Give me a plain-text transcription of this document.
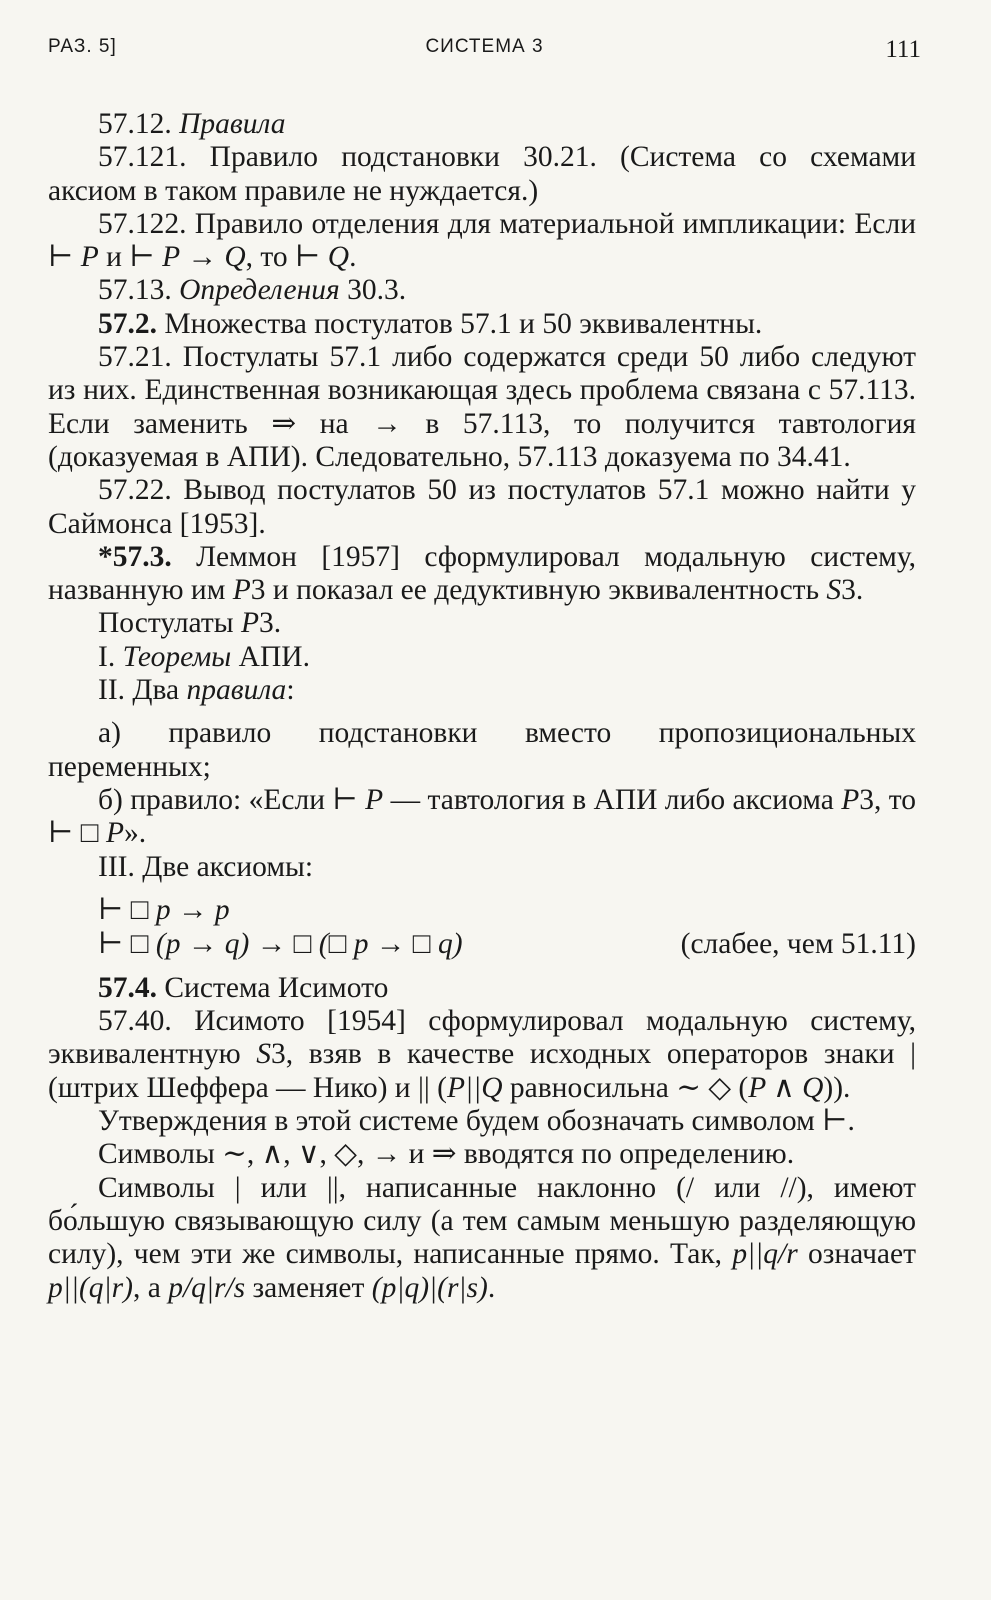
РАЗ. 5]	СИСТЕМА 3	111

57.12. Правила

57.121. Правило подстановки 30.21. (Система со схемами аксиом в таком правиле не нуждается.)

57.122. Правило отделения для материальной импликации: Если ⊢ P и ⊢ P → Q, то ⊢ Q.

57.13. Определения 30.3.

57.2. Множества постулатов 57.1 и 50 эквивалентны.

57.21. Постулаты 57.1 либо содержатся среди 50 либо следуют из них. Единственная возникающая здесь проблема связана с 57.113. Если заменить ⇒ на → в 57.113, то получится тавтология (доказуемая в АПИ). Следовательно, 57.113 доказуема по 34.41.

57.22. Вывод постулатов 50 из постулатов 57.1 можно найти у Саймонса [1953].

*57.3. Леммон [1957] сформулировал модальную систему, названную им P3 и показал ее дедуктивную эквивалентность S3.

Постулаты P3.

I. Теоремы АПИ.

II. Два правила:

а) правило подстановки вместо пропозициональных переменных;

б) правило: «Если ⊢ P — тавтология в АПИ либо аксиома P3, то ⊢ □ P».

III. Две аксиомы:

⊢ □ p → p
⊢ □ (p → q) → □ (□ p → □ q)	(слабее, чем 51.11)

57.4. Система Исимото

57.40. Исимото [1954] сформулировал модальную систему, эквивалентную S3, взяв в качестве исходных операторов знаки | (штрих Шеффера — Нико) и || (P||Q равносильна ∼ ◇ (P ∧ Q)).

Утверждения в этой системе будем обозначать символом ⊢.

Символы ∼, ∧, ∨, ◇, → и ⇒ вводятся по определению.

Символы | или ||, написанные наклонно (/ или //), имеют бо́льшую связывающую силу (а тем самым меньшую разделяющую силу), чем эти же символы, написанные прямо. Так, p||q/r означает p||(q|r), а p/q|r/s заменяет (p|q)|(r|s).
